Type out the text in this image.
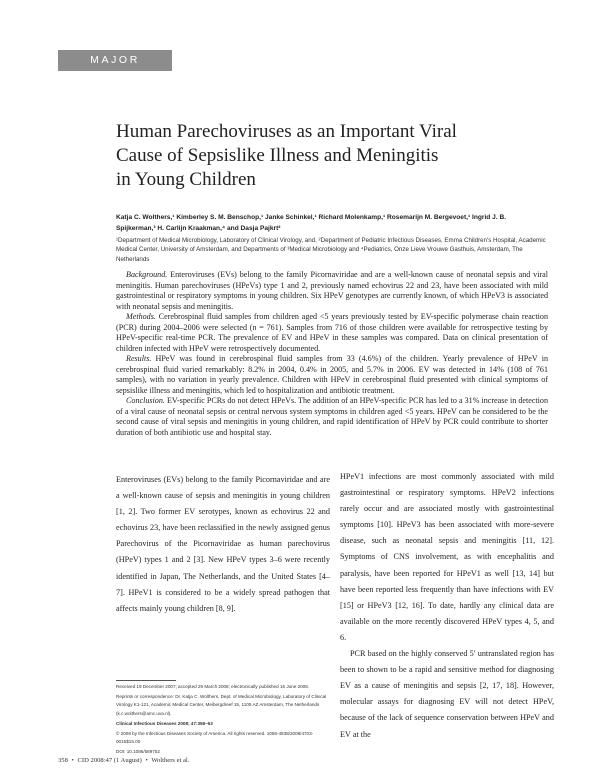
MAJOR ARTICLE
Human Parechoviruses as an Important Viral
Cause of Sepsislike Illness and Meningitis
in Young Children
Katja C. Wolthers,¹ Kimberley S. M. Benschop,¹ Janke Schinkel,¹ Richard Molenkamp,¹ Rosemarijn M. Bergevoet,¹ Ingrid J. B. Spijkerman,³ H. Carlijn Kraakman,⁴ and Dasja Pajkrt²
¹Department of Medical Microbiology, Laboratory of Clinical Virology, and, ²Department of Pediatric Infectious Diseases, Emma Children's Hospital, Academic Medical Center, University of Amsterdam, and Departments of ³Medical Microbiology and ⁴Pediatrics, Onze Lieve Vrouwe Gasthuis, Amsterdam, The Netherlands

Background. Enteroviruses (EVs) belong to the family Picornaviridae and are a well-known cause of neonatal sepsis and viral meningitis. Human parechoviruses (HPeVs) type 1 and 2, previously named echovirus 22 and 23, have been associated with mild gastrointestinal or respiratory symptoms in young children. Six HPeV genotypes are currently known, of which HPeV3 is associated with neonatal sepsis and meningitis.

Methods. Cerebrospinal fluid samples from children aged <5 years previously tested by EV-specific polymerase chain reaction (PCR) during 2004–2006 were selected (n = 761). Samples from 716 of those children were available for retrospective testing by HPeV-specific real-time PCR. The prevalence of EV and HPeV in these samples was compared. Data on clinical presentation of children infected with HPeV were retrospectively documented.

Results. HPeV was found in cerebrospinal fluid samples from 33 (4.6%) of the children. Yearly prevalence of HPeV in cerebrospinal fluid varied remarkably: 8.2% in 2004, 0.4% in 2005, and 5.7% in 2006. EV was detected in 14% (108 of 761 samples), with no variation in yearly prevalence. Children with HPeV in cerebrospinal fluid presented with clinical symptoms of sepsislike illness and meningitis, which led to hospitalization and antibiotic treatment.

Conclusion. EV-specific PCRs do not detect HPeVs. The addition of an HPeV-specific PCR has led to a 31% increase in detection of a viral cause of neonatal sepsis or central nervous system symptoms in children aged <5 years. HPeV can be considered to be the second cause of viral sepsis and meningitis in young children, and rapid identification of HPeV by PCR could contribute to shorter duration of both antibiotic use and hospital stay.

Enteroviruses (EVs) belong to the family Picornaviridae and are a well-known cause of sepsis and meningitis in young children [1, 2]. Two former EV serotypes, known as echovirus 22 and echovirus 23, have been reclassified in the newly assigned genus Parechovirus of the Picornaviridae as human parechovirus (HPeV) types 1 and 2 [3]. New HPeV types 3–6 were recently identified in Japan, The Netherlands, and the United States [4–7]. HPeV1 is considered to be a widely spread pathogen that affects mainly young children [8, 9].

HPeV1 infections are most commonly associated with mild gastrointestinal or respiratory symptoms. HPeV2 infections rarely occur and are associated mostly with gastrointestinal symptoms [10]. HPeV3 has been associated with more-severe disease, such as neonatal sepsis and meningitis [11, 12]. Symptoms of CNS involvement, as with encephalitis and paralysis, have been reported for HPeV1 as well [13, 14] but have been reported less frequently than have infections with EV [15] or HPeV3 [12, 16]. To date, hardly any clinical data are available on the more recently discovered HPeV types 4, 5, and 6.

PCR based on the highly conserved 5′ untranslated region has been to shown to be a rapid and sensitive method for diagnosing EV as a cause of meningitis and sepsis [2, 17, 18]. However, molecular assays for diagnosing EV will not detect HPeV, because of the lack of sequence conservation between HPeV and EV at the

Received 19 December 2007; accepted 29 March 2008; electronically published 16 June 2008.

Reprints or correspondence: Dr. Katja C. Wolthers, Dept. of Medical Microbiology, Laboratory of Clinical Virology K1-121, Academic Medical Center, Meibergdreef 15, 1105 AZ Amsterdam, The Netherlands (k.c.wolthers@amc.uva.nl).

Clinical Infectious Diseases 2008; 47:358–63

© 2008 by the Infectious Diseases Society of America. All rights reserved. 1058-4838/2008/4703-0015$15.00

DOI: 10.1086/589752

358 • CID 2008:47 (1 August) • Wolthers et al.
